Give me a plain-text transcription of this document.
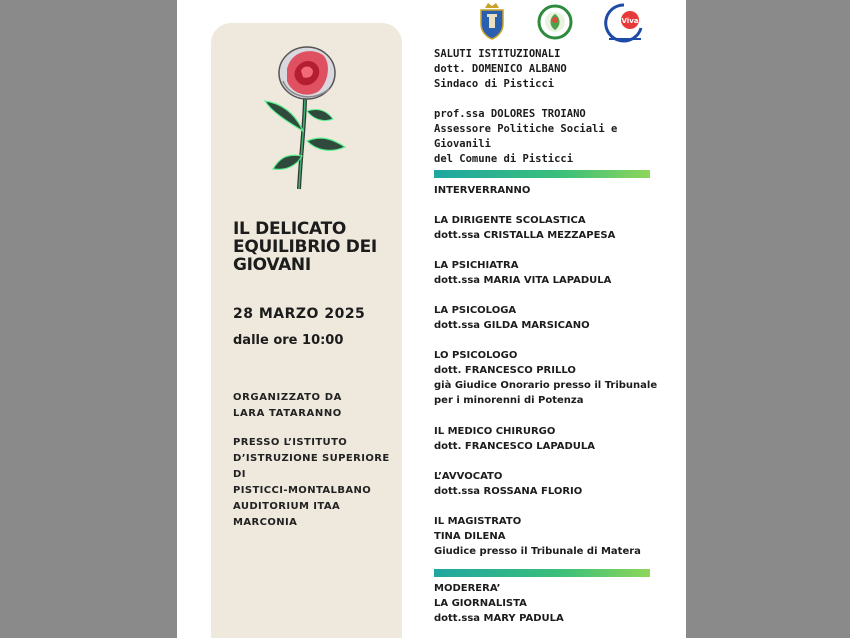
IL DELICATO
EQUILIBRIO DEI
GIOVANI
28 MARZO 2025
dalle ore 10:00
ORGANIZZATO DA
LARA TATARANNO
PRESSO L’ISTITUTO
D’ISTRUZIONE SUPERIORE
DI
PISTICCI-MONTALBANO
AUDITORIUM ITAA
MARCONIA
Viva
SALUTI ISTITUZIONALI
dott. DOMENICO ALBANO
Sindaco di Pisticci
prof.ssa DOLORES TROIANO
Assessore Politiche Sociali e
Giovanili
del Comune di Pisticci
INTERVERRANNO
LA DIRIGENTE SCOLASTICA
dott.ssa CRISTALLA MEZZAPESA
LA PSICHIATRA
dott.ssa MARIA VITA LAPADULA
LA PSICOLOGA
dott.ssa GILDA MARSICANO
LO PSICOLOGO
dott. FRANCESCO PRILLO
già Giudice Onorario presso il Tribunale
per i minorenni di Potenza
IL MEDICO CHIRURGO
dott. FRANCESCO LAPADULA
L’AVVOCATO
dott.ssa ROSSANA FLORIO
IL MAGISTRATO
TINA DILENA
Giudice presso il Tribunale di Matera
MODERERA’
LA GIORNALISTA
dott.ssa MARY PADULA
